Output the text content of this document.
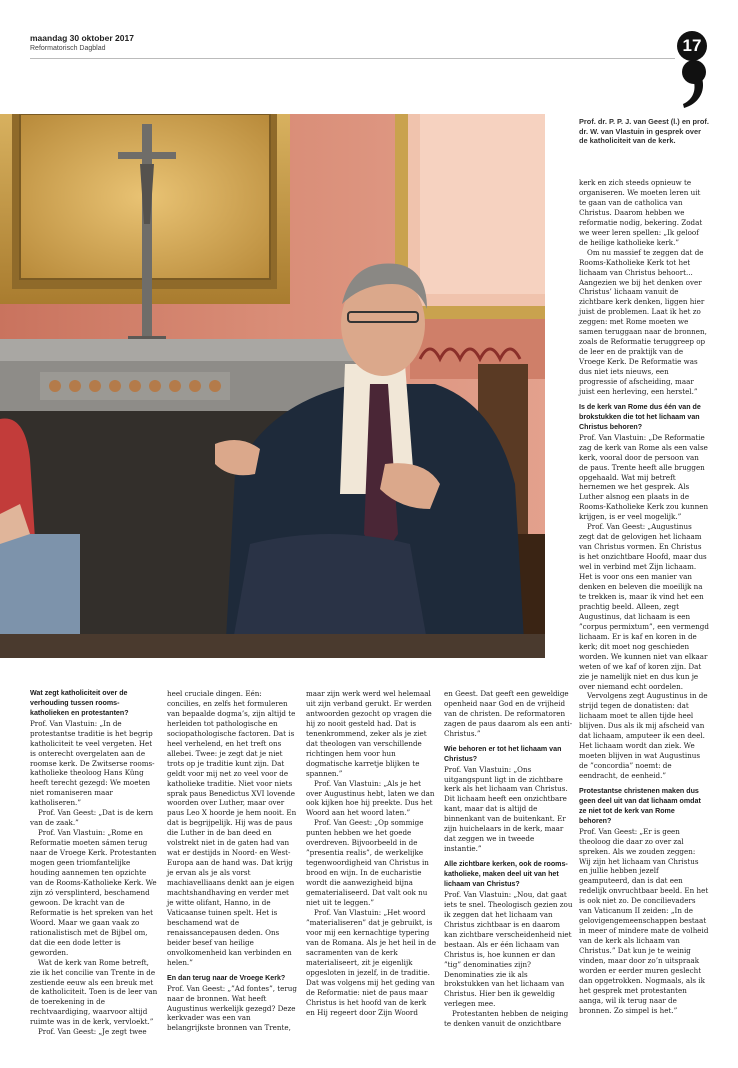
maandag 30 oktober 2017
Reformatorisch Dagblad	17
Prof. dr. P. P. J. van Geest (l.) en prof. dr. W. van Vlastuin in gesprek over de katholiciteit van de kerk.

kerk en zich steeds opnieuw te organiseren. We moeten leren uit te gaan van de catholica van Christus. Daarom hebben we reformatie nodig, bekering. Zodat we weer leren spellen: „Ik geloof de heilige katholieke kerk.”

Om nu massief te zeggen dat de Rooms-Katholieke Kerk tot het lichaam van Christus behoort... Aangezien we bij het denken over Christus’ lichaam vanuit de zichtbare kerk denken, liggen hier juist de problemen. Laat ik het zo zeggen: met Rome moeten we samen teruggaan naar de bronnen, zoals de Reformatie teruggreep op de leer en de praktijk van de Vroege Kerk. De Reformatie was dus niet iets nieuws, een progressie of afscheiding, maar juist een herleving, een herstel.”

Is de kerk van Rome dus één van de brokstukken die tot het lichaam van Christus behoren?

Prof. Van Vlastuin: „De Reformatie zag de kerk van Rome als een valse kerk, vooral door de persoon van de paus. Trente heeft alle bruggen opgehaald. Wat mij betreft hernemen we het gesprek. Als Luther alsnog een plaats in de Rooms-Katholieke Kerk zou kunnen krijgen, is er veel mogelijk.”

Prof. Van Geest: „Augustinus zegt dat de gelovigen het lichaam van Christus vormen. En Christus is het onzichtbare Hoofd, maar dus wel in verbind met Zijn lichaam. Het is voor ons een manier van denken en beleven die moeilijk na te trekken is, maar ik vind het een prachtig beeld. Alleen, zegt Augustinus, dat lichaam is een ”corpus permixtum”, een vermengd lichaam. Er is kaf en koren in de kerk; dit moet nog geschieden worden. We kunnen niet van elkaar weten of we kaf of koren zijn. Dat zie je namelijk niet en dus kun je over niemand echt oordelen.

Vervolgens zegt Augustinus in de strijd tegen de donatisten: dat lichaam moet te allen tijde heel blijven. Dus als ik mij afscheid van dat lichaam, amputeer ik een deel. Het lichaam wordt dan ziek. We moeten blijven in wat Augustinus de ”concordia” noemt: de eendracht, de eenheid.”

Protestantse christenen maken dus geen deel uit van dat lichaam omdat ze niet tot de kerk van Rome behoren?

Prof. Van Geest: „Er is geen theoloog die daar zo over zal spreken. Als we zouden zeggen: Wij zijn het lichaam van Christus en jullie hebben jezelf geamputeerd, dan is dat een redelijk onvruchtbaar beeld. En het is ook niet zo. De concilievaders van Vaticanum II zeiden: „In de gelovigengemeenschappen bestaat in meer of mindere mate de volheid van de kerk als lichaam van Christus.” Dat kun je te weinig vinden, maar door zo’n uitspraak worden er eerder muren geslecht dan opgetrokken. Nogmaals, als ik het gesprek met protestanten aanga, wil ik terug naar de bronnen. Zo simpel is het.”

Wat zegt katholiciteit over de verhouding tussen rooms-katholieken en protestanten?

Prof. Van Vlastuin: „In de protestantse traditie is het begrip katholiciteit te veel vergeten. Het is onterecht overgelaten aan de roomse kerk. De Zwitserse rooms-katholieke theoloog Hans Küng heeft terecht gezegd: We moeten niet romaniseren maar katholiseren.”

Prof. Van Geest: „Dat is de kern van de zaak.”

Prof. Van Vlastuin: „Rome en Reformatie moeten sámen terug naar de Vroege Kerk. Protestanten mogen geen triomfantelijke houding aannemen ten opzichte van de Rooms-Katholieke Kerk. We zijn zó versplinterd, beschamend gewoon. De kracht van de Reformatie is het spreken van het Woord. Maar we gaan vaak zo rationalistisch met de Bijbel om, dat die een dode letter is geworden.

Wat de kerk van Rome betreft, zie ik het concilie van Trente in de zestiende eeuw als een breuk met de katholiciteit. Toen is de leer van de toerekening in de rechtvaardiging, waarvoor altijd ruimte was in de kerk, vervloekt.”

Prof. Van Geest: „Je zegt twee

heel cruciale dingen. Eén: concilies, en zelfs het formuleren van bepaalde dogma’s, zijn altijd te herleiden tot pathologische en sociopathologische factoren. Dat is heel verhelend, en het treft ons allebei. Twee: je zegt dat je niet trots op je traditie kunt zijn. Dat geldt voor mij net zo veel voor de katholieke traditie. Niet voor niets sprak paus Benedictus XVI lovende woorden over Luther, maar over paus Leo X hoorde je hem nooit. En dat is begrijpelijk. Hij was de paus die Luther in de ban deed en volstrekt niet in de gaten had van wat er destijds in Noord- en West-Europa aan de hand was. Dat krijg je ervan als je als vorst machiavelliaans denkt aan je eigen machtshandhaving en verder met je witte olifant, Hanno, in de Vaticaanse tuinen spelt. Het is beschamend wat de renaissancepausen deden. Ons beider besef van heilige onvolkomenheid kan verbinden en helen.”

En dan terug naar de Vroege Kerk?

Prof. Van Geest: „”Ad fontes”, terug naar de bronnen. Wat heeft Augustinus werkelijk gezegd? Deze kerkvader was een van belangrijkste bronnen van Trente,

maar zijn werk werd wel helemaal uit zijn verband gerukt. Er werden antwoorden gezocht op vragen die hij zo nooit gesteld had. Dat is tenenkrommend, zeker als je ziet dat theologen van verschillende richtingen hem voor hun dogmatische karretje blijken te spannen.”

Prof. Van Vlastuin: „Als je het over Augustinus hebt, laten we dan ook kijken hoe hij preekte. Dus het Woord aan het woord laten.”

Prof. Van Geest: „Op sommige punten hebben we het goede overdreven. Bijvoorbeeld in de ”presentia realis”, de werkelijke tegenwoordigheid van Christus in brood en wijn. In de eucharistie wordt die aanwezigheid bijna gematerialiseerd. Dat valt ook nu niet uit te leggen.”

Prof. Van Vlastuin: „Het woord ”materialiseren” dat je gebruikt, is voor mij een kernachtige typering van de Romana. Als je het heil in de sacramenten van de kerk materialiseert, zit je eigenlijk opgesloten in jezelf, in de traditie. Dat was volgens mij het geding van de Reformatie: niet de paus maar Christus is het hoofd van de kerk en Hij regeert door Zijn Woord

en Geest. Dat geeft een geweldige openheid naar God en de vrijheid van de christen. De reformatoren zagen de paus daarom als een anti-Christus.”

Wie behoren er tot het lichaam van Christus?

Prof. Van Vlastuin: „Ons uitgangspunt ligt in de zichtbare kerk als het lichaam van Christus. Dit lichaam heeft een onzichtbare kant, maar dat is altijd de binnenkant van de buitenkant. Er zijn huichelaars in de kerk, maar dat zeggen we in tweede instantie.”

Alle zichtbare kerken, ook de rooms-katholieke, maken deel uit van het lichaam van Christus?

Prof. Van Vlastuin: „Nou, dat gaat iets te snel. Theologisch gezien zou ik zeggen dat het lichaam van Christus zichtbaar is en daarom kan zichtbare verscheidenheid niet bestaan. Als er één lichaam van Christus is, hoe kunnen er dan ”tig” denominaties zijn? Denominaties zie ik als brokstukken van het lichaam van Christus. Hier ben ik geweldig verlegen mee.

Protestanten hebben de neiging te denken vanuit de onzichtbare
